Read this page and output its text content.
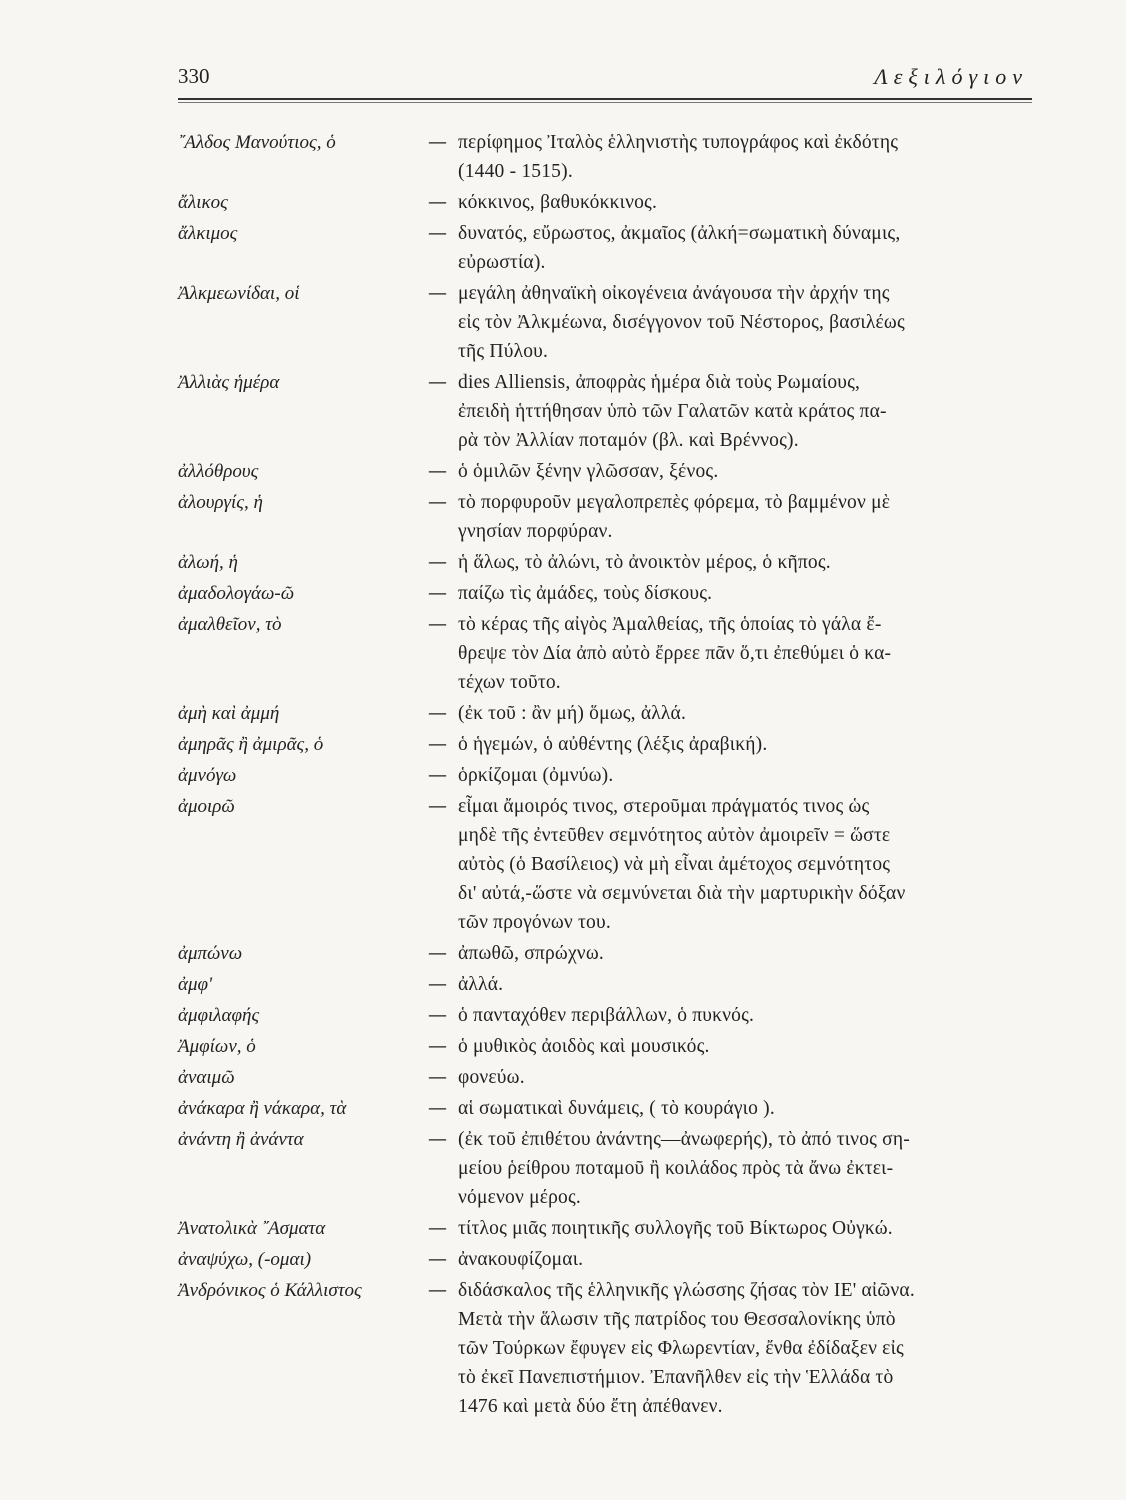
330	Λεξιλόγιον
῎Αλδος Μανούτιος, ὁ	— περίφημος Ἰταλὸς ἑλληνιστὴς τυπογράφος καὶ ἐκδότης
(1440 - 1515).
ἄλικος	— κόκκινος, βαθυκόκκινος.
ἄλκιμος	— δυνατός, εὔρωστος, ἀκμαῖος (ἀλκή=σωματικὴ δύναμις,
εὐρωστία).
Ἀλκμεωνίδαι, οἱ	— μεγάλη ἀθηναϊκὴ οἰκογένεια ἀνάγουσα τὴν ἀρχήν της
εἰς τὸν Ἀλκμέωνα, δισέγγονον τοῦ Νέστορος, βασιλέως
τῆς Πύλου.
Ἀλλιὰς ἡμέρα	— dies Alliensis, ἀποφρὰς ἡμέρα διὰ τοὺς Ρωμαίους,
ἐπειδὴ ἡττήθησαν ὑπὸ τῶν Γαλατῶν κατὰ κράτος πα-
ρὰ τὸν Ἀλλίαν ποταμόν (βλ. καὶ Βρέννος).
ἀλλόθρους	— ὁ ὁμιλῶν ξένην γλῶσσαν, ξένος.
ἀλουργίς, ἡ	— τὸ πορφυροῦν μεγαλοπρεπὲς φόρεμα, τὸ βαμμένον μὲ
γνησίαν πορφύραν.
ἀλωή, ἡ	— ἡ ἅλως, τὸ ἀλώνι, τὸ ἀνοικτὸν μέρος, ὁ κῆπος.
ἀμαδολογάω-ῶ	— παίζω τὶς ἀμάδες, τοὺς δίσκους.
ἀμαλθεῖον, τὸ	— τὸ κέρας τῆς αἰγὸς Ἀμαλθείας, τῆς ὁποίας τὸ γάλα ἔ-
θρεψε τὸν Δία ἀπὸ αὐτὸ ἔρρεε πᾶν ὅ,τι ἐπεθύμει ὁ κα-
τέχων τοῦτο.
ἀμὴ καὶ ἀμμή	— (ἐκ τοῦ : ἂν μή) ὅμως, ἀλλά.
ἀμηρᾶς ἢ ἀμιρᾶς, ὁ	— ὁ ἡγεμών, ὁ αὐθέντης (λέξις ἀραβική).
ἀμνόγω	— ὁρκίζομαι (ὀμνύω).
ἀμοιρῶ	— εἶμαι ἄμοιρός τινος, στεροῦμαι πράγματός τινος ὡς
μηδὲ τῆς ἐντεῦθεν σεμνότητος αὐτὸν ἀμοιρεῖν = ὥστε
αὐτὸς (ὁ Βασίλειος) νὰ μὴ εἶναι ἀμέτοχος σεμνότητος
δι' αὐτά,-ὥστε νὰ σεμνύνεται διὰ τὴν μαρτυρικὴν δόξαν
τῶν προγόνων του.
ἀμπώνω	— ἀπωθῶ, σπρώχνω.
ἀμφ'	— ἀλλά.
ἀμφιλαφής	— ὁ πανταχόθεν περιβάλλων, ὁ πυκνός.
Ἀμφίων, ὁ	— ὁ μυθικὸς ἀοιδὸς καὶ μουσικός.
ἀναιμῶ	— φονεύω.
ἀνάκαρα ἢ νάκαρα, τὰ	— αἱ σωματικαὶ δυνάμεις, ( τὸ κουράγιο ).
ἀνάντη ἢ ἀνάντα	— (ἐκ τοῦ ἐπιθέτου ἀνάντης—ἀνωφερής), τὸ ἀπό τινος ση-
μείου ῥείθρου ποταμοῦ ἢ κοιλάδος πρὸς τὰ ἄνω ἐκτει-
νόμενον μέρος.
Ἀνατολικὰ ῎Ασματα	— τίτλος μιᾶς ποιητικῆς συλλογῆς τοῦ Βίκτωρος Οὐγκώ.
ἀναψύχω, (-ομαι)	— ἀνακουφίζομαι.
Ἀνδρόνικος ὁ Κάλλιστος	— διδάσκαλος τῆς ἑλληνικῆς γλώσσης ζήσας τὸν ΙΕ' αἰῶνα.
Μετὰ τὴν ἅλωσιν τῆς πατρίδος του Θεσσαλονίκης ὑπὸ
τῶν Τούρκων ἔφυγεν εἰς Φλωρεντίαν, ἔνθα ἐδίδαξεν εἰς
τὸ ἐκεῖ Πανεπιστήμιον. Ἐπανῆλθεν εἰς τὴν Ἑλλάδα τὸ
1476 καὶ μετὰ δύο ἔτη ἀπέθανεν.
